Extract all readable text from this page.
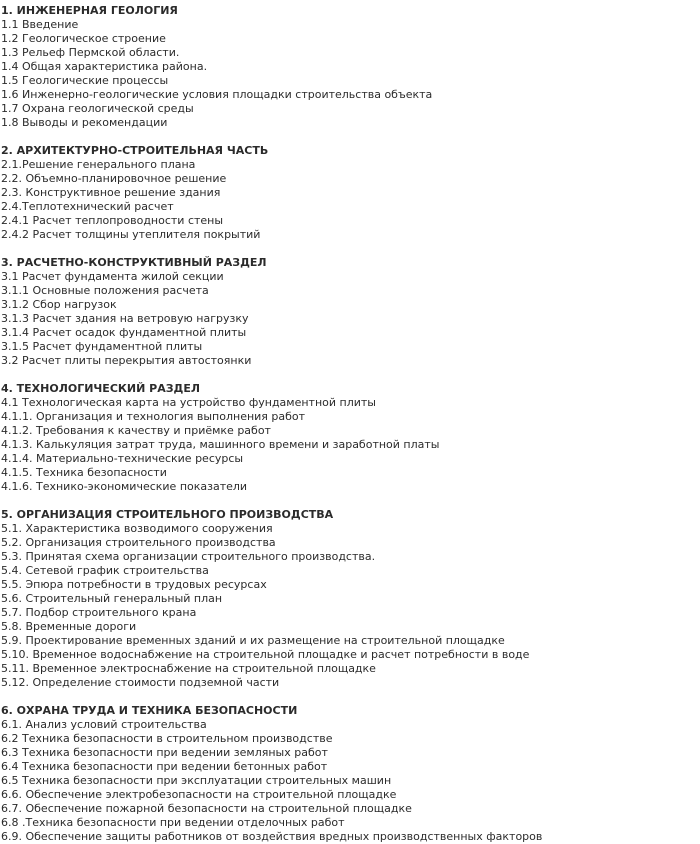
1. ИНЖЕНЕРНАЯ ГЕОЛОГИЯ
1.1 Введение
1.2 Геологическое строение
1.3 Рельеф Пермской области.
1.4 Общая характеристика района.
1.5 Геологические процессы
1.6 Инженерно-геологические условия площадки строительства объекта
1.7 Охрана геологической среды
1.8 Выводы и рекомендации
2. АРХИТЕКТУРНО-СТРОИТЕЛЬНАЯ ЧАСТЬ
2.1.Решение генерального плана
2.2. Объемно-планировочное решение
2.3. Конструктивное решение здания
2.4.Теплотехнический расчет
2.4.1 Расчет теплопроводности стены
2.4.2 Расчет толщины утеплителя покрытий
3. РАСЧЕТНО-КОНСТРУКТИВНЫЙ РАЗДЕЛ
3.1 Расчет фундамента жилой секции
3.1.1 Основные положения расчета
3.1.2 Сбор нагрузок
3.1.3 Расчет здания на ветровую нагрузку
3.1.4 Расчет осадок фундаментной плиты
3.1.5 Расчет фундаментной плиты
3.2 Расчет плиты перекрытия автостоянки
4. ТЕХНОЛОГИЧЕСКИЙ РАЗДЕЛ
4.1 Технологическая карта на устройство фундаментной плиты
4.1.1. Организация и технология выполнения работ
4.1.2. Требования к качеству и приёмке работ
4.1.3. Калькуляция затрат труда, машинного времени и заработной платы
4.1.4. Материально-технические ресурсы
4.1.5. Техника безопасности
4.1.6. Технико-экономические показатели
5. ОРГАНИЗАЦИЯ СТРОИТЕЛЬНОГО ПРОИЗВОДСТВА
5.1. Характеристика возводимого сооружения
5.2. Организация строительного производства
5.3. Принятая схема организации строительного производства.
5.4. Сетевой график строительства
5.5. Эпюра потребности в трудовых ресурсах
5.6. Строительный генеральный план
5.7. Подбор строительного крана
5.8. Временные дороги
5.9. Проектирование временных зданий и их размещение на строительной площадке
5.10. Временное водоснабжение на строительной площадке и расчет потребности в воде
5.11. Временное электроснабжение на строительной площадке
5.12. Определение стоимости подземной части
6. ОХРАНА ТРУДА И ТЕХНИКА БЕЗОПАСНОСТИ
6.1. Анализ условий строительства
6.2 Техника безопасности в строительном производстве
6.3 Техника безопасности при ведении земляных работ
6.4 Техника безопасности при ведении бетонных работ
6.5 Техника безопасности при эксплуатации строительных машин
6.6. Обеспечение электробезопасности на строительной площадке
6.7. Обеспечение пожарной безопасности на строительной площадке
6.8 .Техника безопасности при ведении отделочных работ
6.9. Обеспечение защиты работников от воздействия вредных производственных факторов
